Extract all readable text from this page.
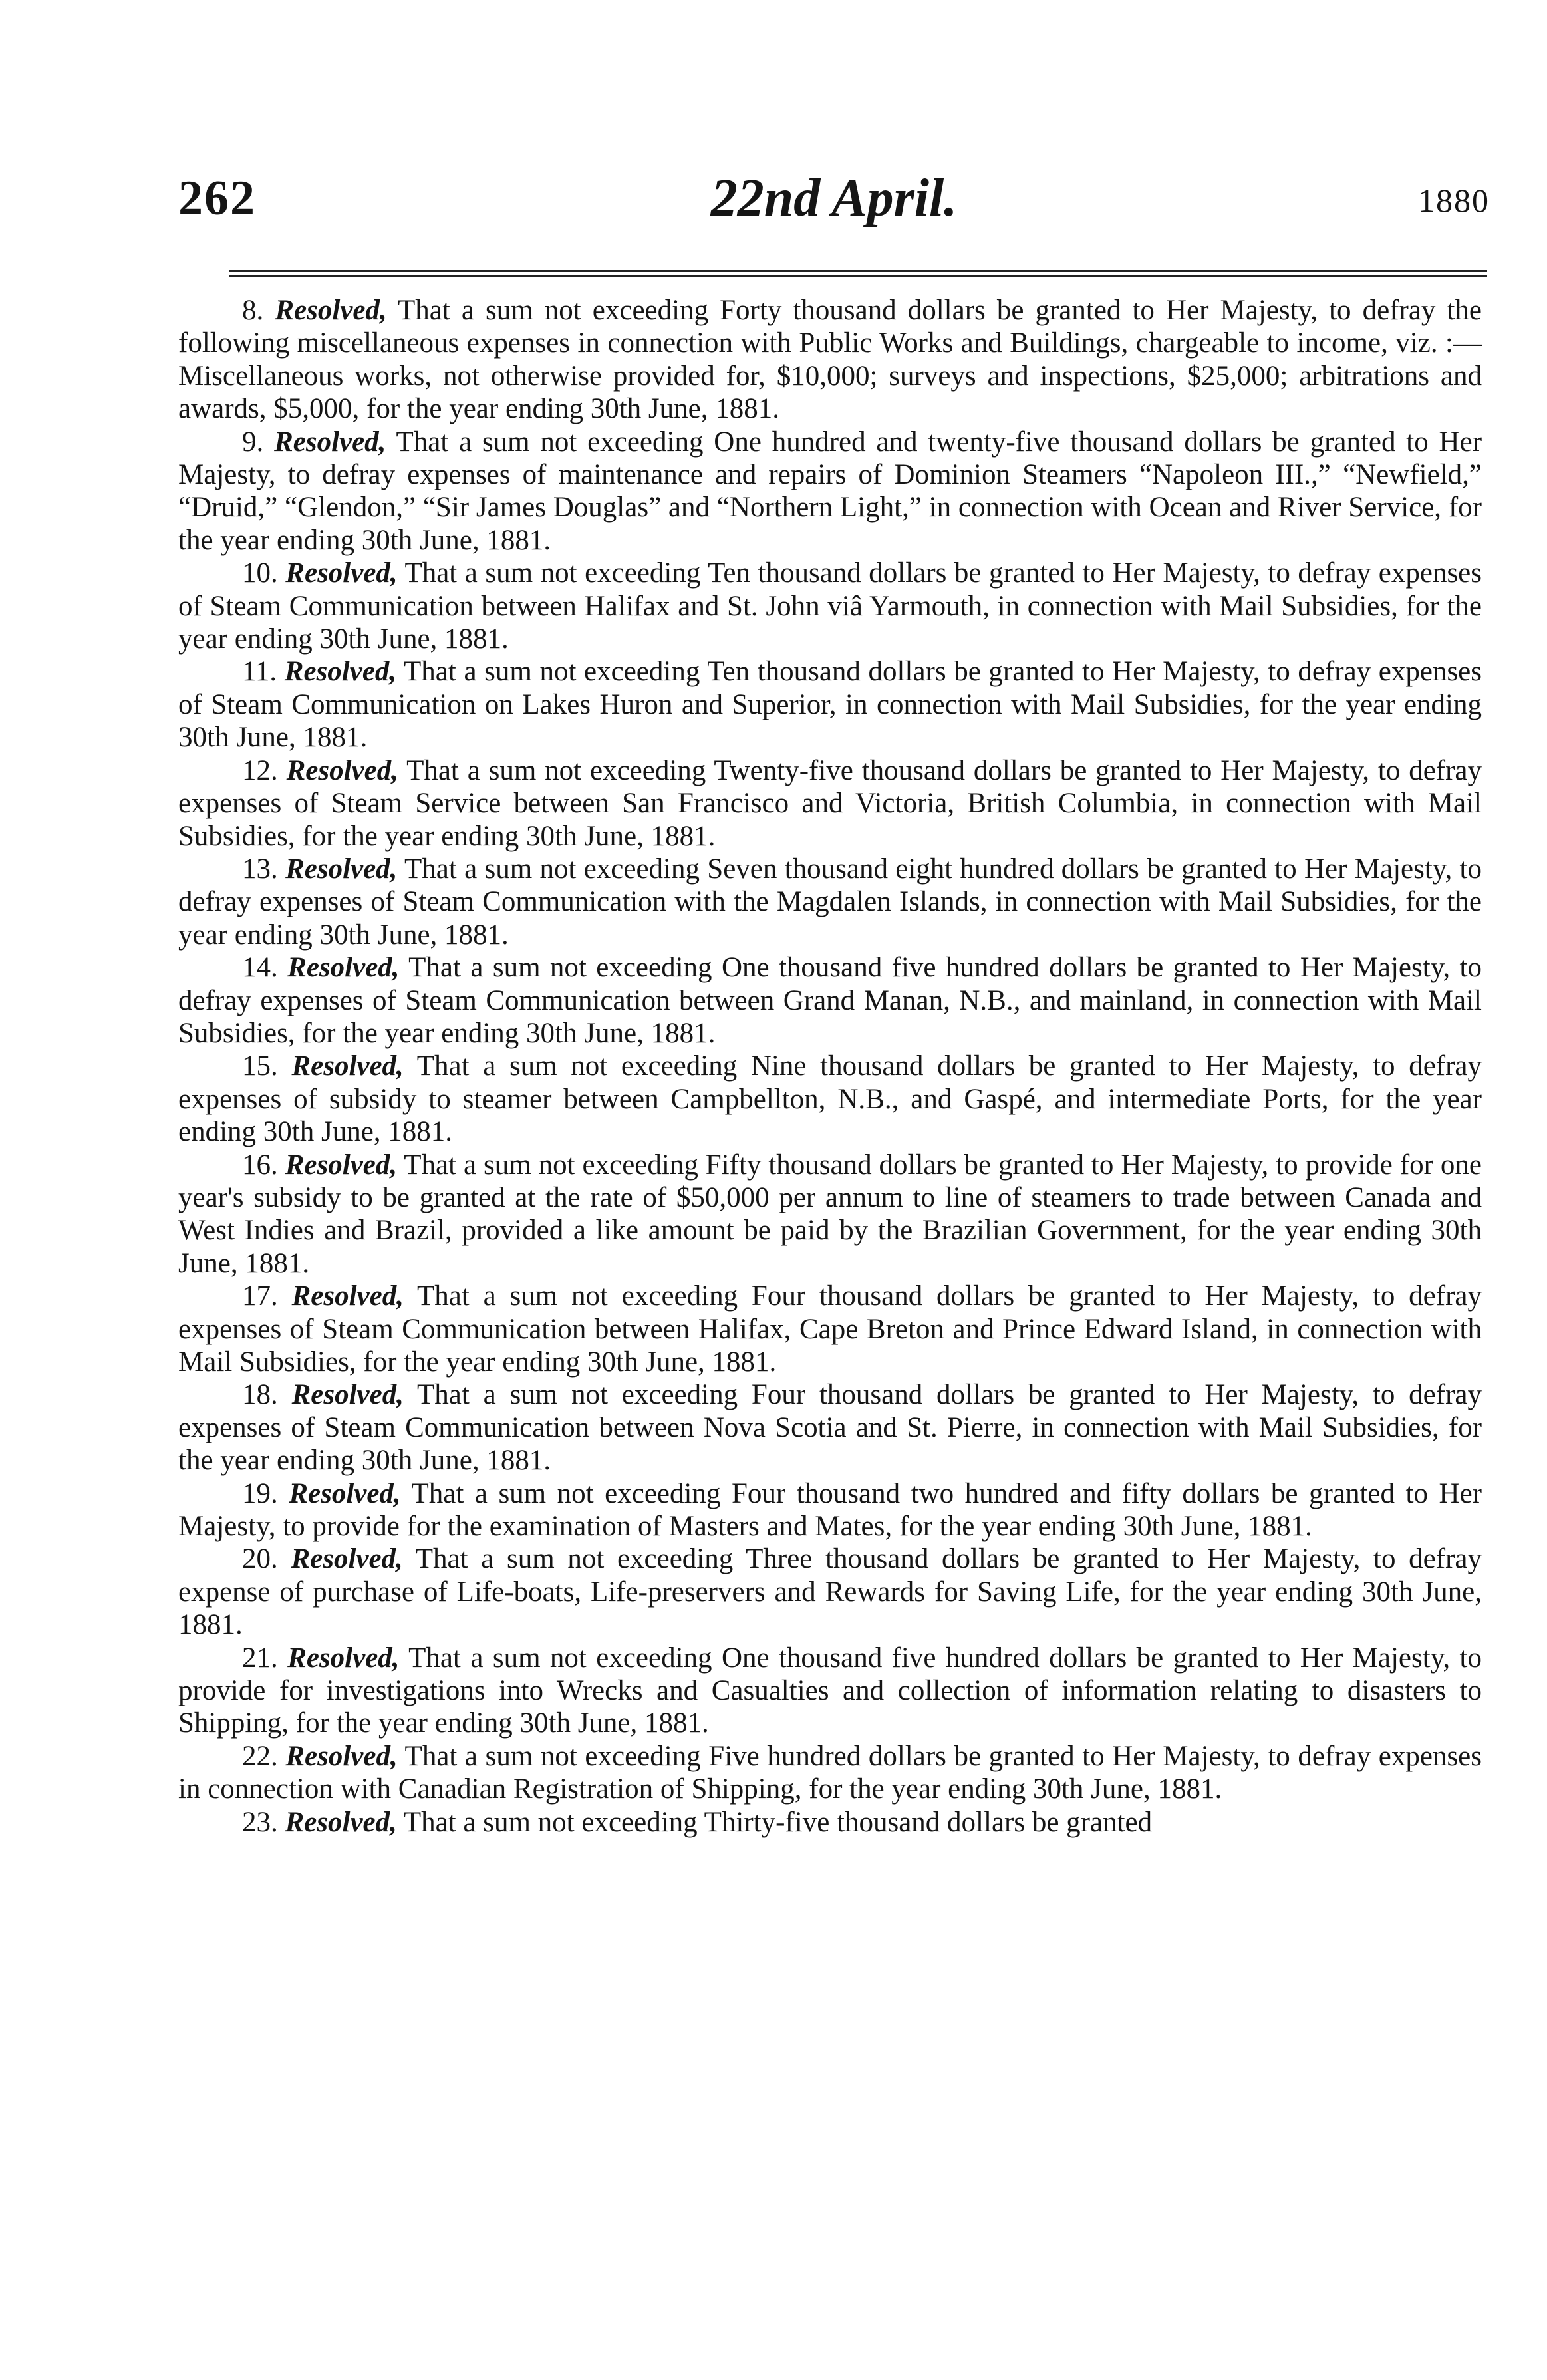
262	22nd April.	1880

8. Resolved, That a sum not exceeding Forty thousand dollars be granted to Her Majesty, to defray the following miscellaneous expenses in connection with Public Works and Buildings, chargeable to income, viz. :—Miscellaneous works, not otherwise provided for, $10,000; surveys and inspections, $25,000; arbitrations and awards, $5,000, for the year ending 30th June, 1881.

9. Resolved, That a sum not exceeding One hundred and twenty-five thousand dollars be granted to Her Majesty, to defray expenses of maintenance and repairs of Dominion Steamers “Napoleon III.,” “Newfield,” “Druid,” “Glendon,” “Sir James Douglas” and “Northern Light,” in connection with Ocean and River Service, for the year ending 30th June, 1881.

10. Resolved, That a sum not exceeding Ten thousand dollars be granted to Her Majesty, to defray expenses of Steam Communication between Halifax and St. John viâ Yarmouth, in connection with Mail Subsidies, for the year ending 30th June, 1881.

11. Resolved, That a sum not exceeding Ten thousand dollars be granted to Her Majesty, to defray expenses of Steam Communication on Lakes Huron and Superior, in connection with Mail Subsidies, for the year ending 30th June, 1881.

12. Resolved, That a sum not exceeding Twenty-five thousand dollars be granted to Her Majesty, to defray expenses of Steam Service between San Francisco and Victoria, British Columbia, in connection with Mail Subsidies, for the year ending 30th June, 1881.

13. Resolved, That a sum not exceeding Seven thousand eight hundred dollars be granted to Her Majesty, to defray expenses of Steam Communication with the Magdalen Islands, in connection with Mail Subsidies, for the year ending 30th June, 1881.

14. Resolved, That a sum not exceeding One thousand five hundred dollars be granted to Her Majesty, to defray expenses of Steam Communication between Grand Manan, N.B., and mainland, in connection with Mail Subsidies, for the year ending 30th June, 1881.

15. Resolved, That a sum not exceeding Nine thousand dollars be granted to Her Majesty, to defray expenses of subsidy to steamer between Campbellton, N.B., and Gaspé, and intermediate Ports, for the year ending 30th June, 1881.

16. Resolved, That a sum not exceeding Fifty thousand dollars be granted to Her Majesty, to provide for one year's subsidy to be granted at the rate of $50,000 per annum to line of steamers to trade between Canada and West Indies and Brazil, provided a like amount be paid by the Brazilian Government, for the year ending 30th June, 1881.

17. Resolved, That a sum not exceeding Four thousand dollars be granted to Her Majesty, to defray expenses of Steam Communication between Halifax, Cape Breton and Prince Edward Island, in connection with Mail Subsidies, for the year ending 30th June, 1881.

18. Resolved, That a sum not exceeding Four thousand dollars be granted to Her Majesty, to defray expenses of Steam Communication between Nova Scotia and St. Pierre, in connection with Mail Subsidies, for the year ending 30th June, 1881.

19. Resolved, That a sum not exceeding Four thousand two hundred and fifty dollars be granted to Her Majesty, to provide for the examination of Masters and Mates, for the year ending 30th June, 1881.

20. Resolved, That a sum not exceeding Three thousand dollars be granted to Her Majesty, to defray expense of purchase of Life-boats, Life-preservers and Rewards for Saving Life, for the year ending 30th June, 1881.

21. Resolved, That a sum not exceeding One thousand five hundred dollars be granted to Her Majesty, to provide for investigations into Wrecks and Casualties and collection of information relating to disasters to Shipping, for the year ending 30th June, 1881.

22. Resolved, That a sum not exceeding Five hundred dollars be granted to Her Majesty, to defray expenses in connection with Canadian Registration of Shipping, for the year ending 30th June, 1881.

23. Resolved, That a sum not exceeding Thirty-five thousand dollars be granted
